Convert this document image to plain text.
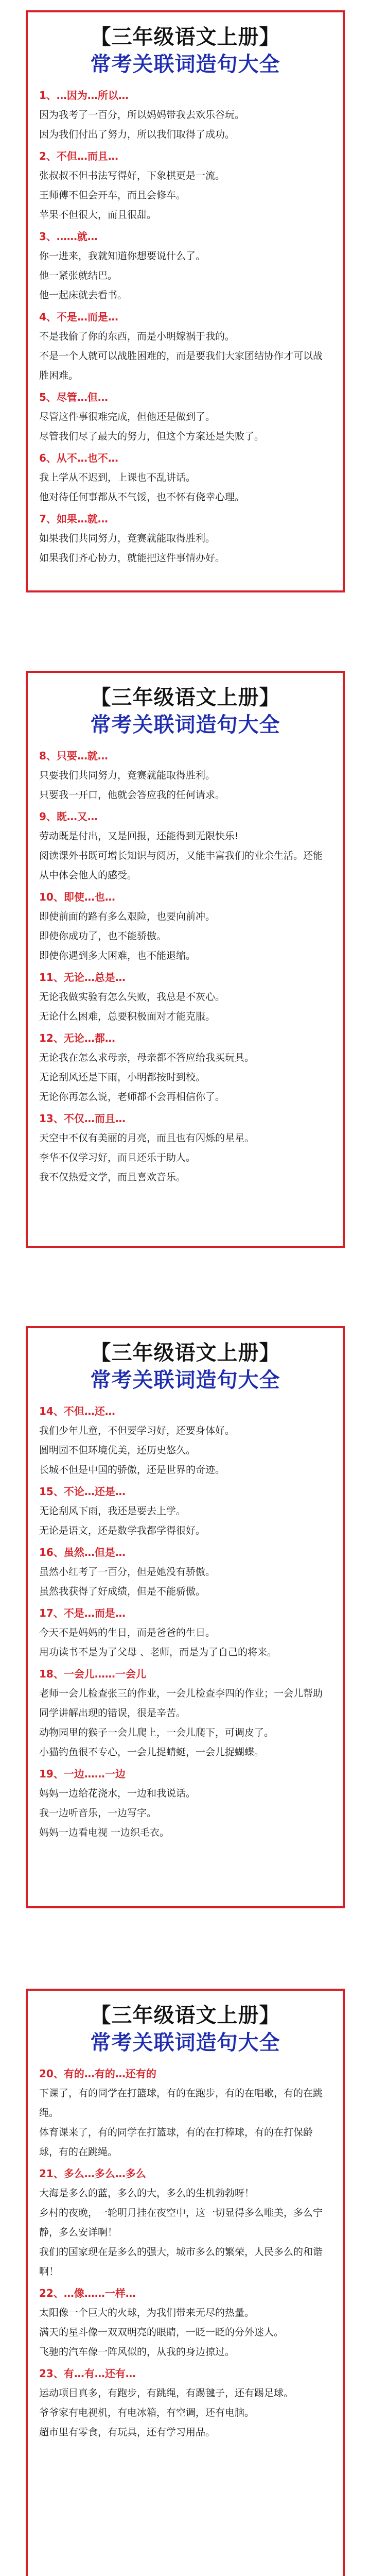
【三年级语文上册】
常考关联词造句大全
1、…因为…所以…
因为我考了一百分，所以妈妈带我去欢乐谷玩。
因为我们付出了努力，所以我们取得了成功。
2、不但…而且…
张叔叔不但书法写得好，下象棋更是一流。
王师傅不但会开车，而且会修车。
苹果不但很大，而且很甜。
3、……就…
你一进来，我就知道你想要说什么了。
他一紧张就结巴。
他一起床就去看书。
4、不是…而是…
不是我偷了你的东西，而是小明嫁祸于我的。
不是一个人就可以战胜困难的，而是要我们大家团结协作才可以战胜困难。
5、尽管…但…
尽管这件事很难完成，但他还是做到了。
尽管我们尽了最大的努力，但这个方案还是失败了。
6、从不…也不…
我上学从不迟到，上课也不乱讲话。
他对待任何事都从不气馁，也不怀有侥幸心理。
7、如果…就…
如果我们共同努力，竞赛就能取得胜利。
如果我们齐心协力，就能把这件事情办好。
【三年级语文上册】
常考关联词造句大全
8、只要…就…
只要我们共同努力，竞赛就能取得胜利。
只要我一开口，他就会答应我的任何请求。
9、既…又…
劳动既是付出，又是回报，还能得到无限快乐!
阅读课外书既可增长知识与阅历，又能丰富我们的业余生活。还能从中体会他人的感受。
10、即使…也…
即使前面的路有多么艰险，也要向前冲。
即使你成功了，也不能骄傲。
即使你遇到多大困难，也不能退缩。
11、无论…总是…
无论我做实验有怎么失败，我总是不灰心。
无论什么困难，总要积极面对才能克服。
12、无论…都…
无论我在怎么求母亲，母亲都不答应给我买玩具。
无论刮风还是下雨，小明都按时到校。
无论你再怎么说，老师都不会再相信你了。
13、不仅…而且…
天空中不仅有美丽的月亮，而且也有闪烁的星星。
李华不仅学习好，而且还乐于助人。
我不仅热爱文学，而且喜欢音乐。
【三年级语文上册】
常考关联词造句大全
14、不但…还…
我们少年儿童，不但要学习好，还要身体好。
圆明园不但环境优美，还历史悠久。
长城不但是中国的骄傲，还是世界的奇迹。
15、不论…还是…
无论刮风下雨，我还是要去上学。
无论是语文，还是数学我都学得很好。
16、虽然…但是…
虽然小红考了一百分，但是她没有骄傲。
虽然我获得了好成绩，但是不能骄傲。
17、不是…而是…
今天不是妈妈的生日，而是爸爸的生日。
用功读书不是为了父母 、老师，而是为了自己的将来。
18、一会儿……一会儿
老师一会儿检查张三的作业，一会儿检查李四的作业；一会儿帮助同学讲解出现的错误，很是辛苦。
动物园里的猴子一会儿爬上，一会儿爬下，可调皮了。
小猫钓鱼很不专心，一会儿捉蜻蜓，一会儿捉蝴蝶。
19、一边……一边
妈妈一边给花浇水，一边和我说话。
我一边听音乐，一边写字。
妈妈一边看电视 一边织毛衣。
【三年级语文上册】
常考关联词造句大全
20、有的…有的…还有的
下课了，有的同学在打篮球，有的在跑步，有的在唱歌，有的在跳绳。
体育课来了，有的同学在打篮球，有的在打棒球，有的在打保龄球，有的在跳绳。
21、多么…多么…多么
大海是多么的蓝，多么的大，多么的生机勃勃呀！
乡村的夜晚，一轮明月挂在夜空中，这一切显得多么唯美，多么宁静，多么安详啊！
我们的国家现在是多么的强大，城市多么的繁荣，人民多么的和谐啊！
22、…像……一样…
太阳像一个巨大的火球，为我们带来无尽的热量。
满天的星斗像一双双明亮的眼睛，一眨一眨的分外迷人。
飞驰的汽车像一阵风似的，从我的身边掠过。
23、有…有…还有…
运动项目真多，有跑步，有跳绳，有踢毽子，还有踢足球。
爷爷家有电视机，有电冰箱，有空调，还有电脑。
超市里有零食，有玩具，还有学习用品。
